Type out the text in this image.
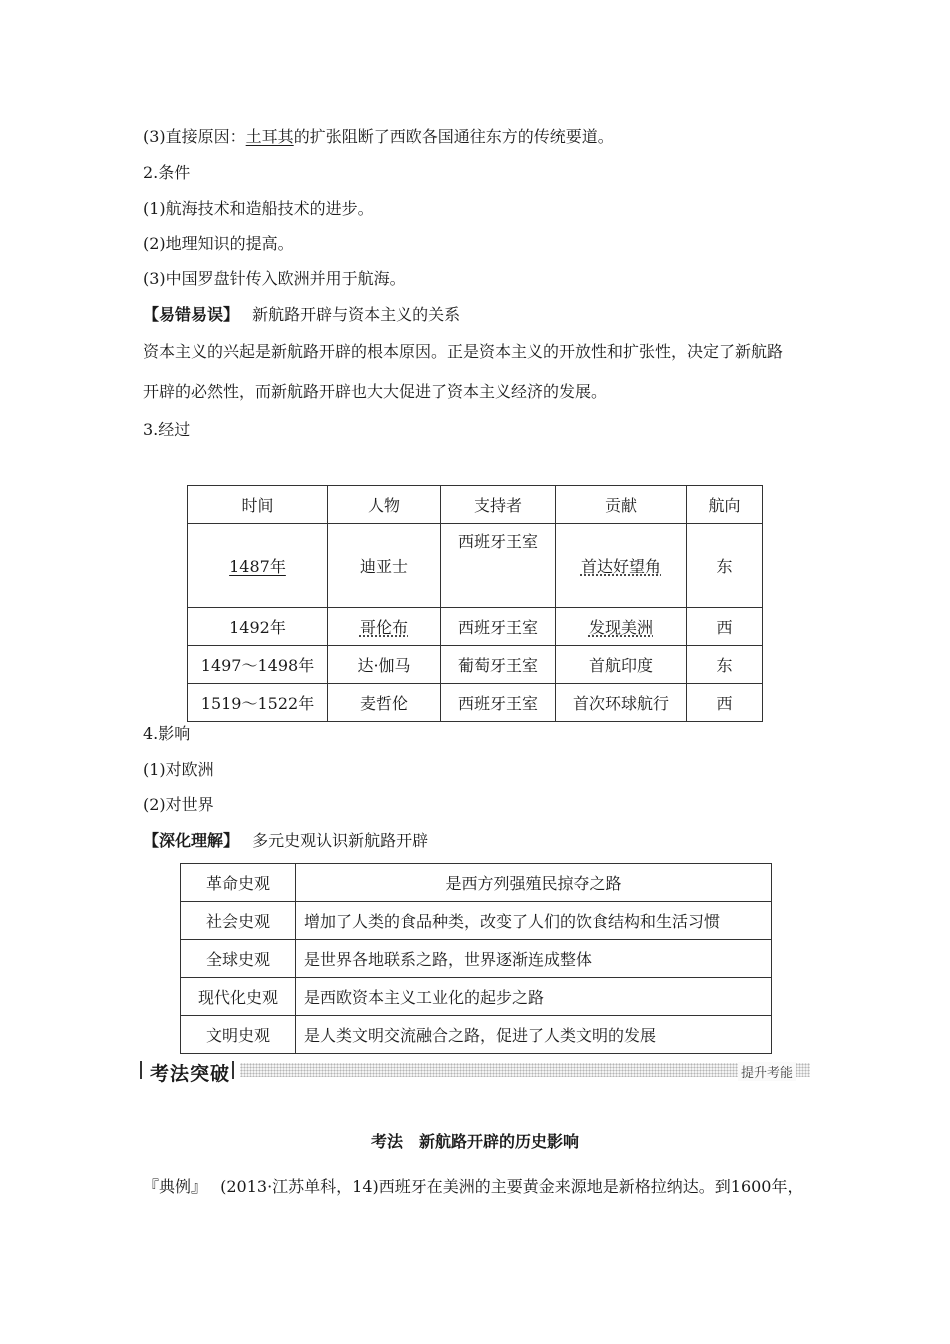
(3)直接原因：土耳其的扩张阻断了西欧各国通往东方的传统要道。
2.条件
(1)航海技术和造船技术的进步。
(2)地理知识的提高。
(3)中国罗盘针传入欧洲并用于航海。
【易错易误】 新航路开辟与资本主义的关系
资本主义的兴起是新航路开辟的根本原因。正是资本主义的开放性和扩张性，决定了新航路
开辟的必然性，而新航路开辟也大大促进了资本主义经济的发展。
3.经过
时间	人物	支持者	贡献	航向
1487年	迪亚士	西班牙王室	首达好望角	东
1492年	哥伦布	西班牙王室	发现美洲	西
1497～1498年	达·伽马	葡萄牙王室	首航印度	东
1519～1522年	麦哲伦	西班牙王室	首次环球航行	西
4.影响
(1)对欧洲
(2)对世界
【深化理解】 多元史观认识新航路开辟
革命史观	是西方列强殖民掠夺之路
社会史观	增加了人类的食品种类，改变了人们的饮食结构和生活习惯
全球史观	是世界各地联系之路，世界逐渐连成整体
现代化史观	是西欧资本主义工业化的起步之路
文明史观	是人类文明交流融合之路，促进了人类文明的发展
考法突破	提升考能
考法　新航路开辟的历史影响
『典例』 (2013·江苏单科，14)西班牙在美洲的主要黄金来源地是新格拉纳达。到1600年，
